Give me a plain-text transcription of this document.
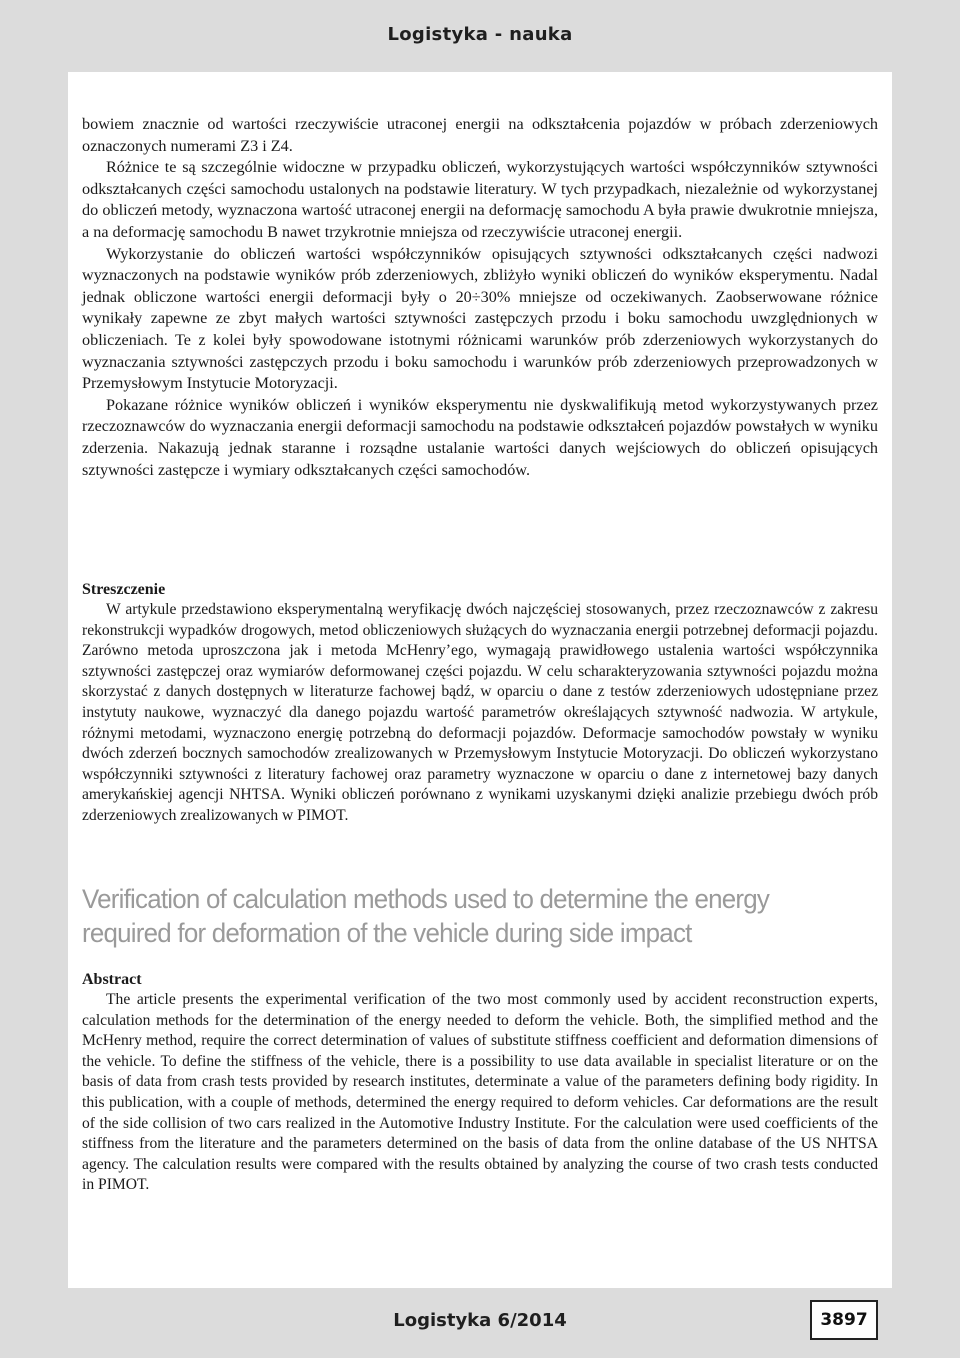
Logistyka - nauka

bowiem znacznie od wartości rzeczywiście utraconej energii na odkształcenia pojazdów w próbach zderzeniowych oznaczonych numerami Z3 i Z4.

Różnice te są szczególnie widoczne w przypadku obliczeń, wykorzystujących wartości współczynników sztywności odkształcanych części samochodu ustalonych na podstawie literatury. W tych przypadkach, niezależnie od wykorzystanej do obliczeń metody, wyznaczona wartość utraconej energii na deformację samochodu A była prawie dwukrotnie mniejsza, a na deformację samochodu B nawet trzykrotnie mniejsza od rzeczywiście utraconej energii.

Wykorzystanie do obliczeń wartości współczynników opisujących sztywności odkształcanych części nadwozi wyznaczonych na podstawie wyników prób zderzeniowych, zbliżyło wyniki obliczeń do wyników eksperymentu. Nadal jednak obliczone wartości energii deformacji były o 20÷30% mniejsze od oczekiwanych. Zaobserwowane różnice wynikały zapewne ze zbyt małych wartości sztywności zastępczych przodu i boku samochodu uwzględnionych w obliczeniach. Te z kolei były spowodowane istotnymi różnicami warunków prób zderzeniowych wykorzystanych do wyznaczania sztywności zastępczych przodu i boku samochodu i warunków prób zderzeniowych przeprowadzonych w Przemysłowym Instytucie Motoryzacji.

Pokazane różnice wyników obliczeń i wyników eksperymentu nie dyskwalifikują metod wykorzystywanych przez rzeczoznawców do wyznaczania energii deformacji samochodu na podstawie odkształceń pojazdów powstałych w wyniku zderzenia. Nakazują jednak staranne i rozsądne ustalanie wartości danych wejściowych do obliczeń opisujących sztywności zastępcze i wymiary odkształcanych części samochodów.

Streszczenie

W artykule przedstawiono eksperymentalną weryfikację dwóch najczęściej stosowanych, przez rzeczoznawców z zakresu rekonstrukcji wypadków drogowych, metod obliczeniowych służących do wyznaczania energii potrzebnej deformacji pojazdu. Zarówno metoda uproszczona jak i metoda McHenry’ego, wymagają prawidłowego ustalenia wartości współczynnika sztywności zastępczej oraz wymiarów deformowanej części pojazdu. W celu scharakteryzowania sztywności pojazdu można skorzystać z danych dostępnych w literaturze fachowej bądź, w oparciu o dane z testów zderzeniowych udostępniane przez instytuty naukowe, wyznaczyć dla danego pojazdu wartość parametrów określających sztywność nadwozia. W artykule, różnymi metodami, wyznaczono energię potrzebną do deformacji pojazdów. Deformacje samochodów powstały w wyniku dwóch zderzeń bocznych samochodów zrealizowanych w Przemysłowym Instytucie Motoryzacji. Do obliczeń wykorzystano współczynniki sztywności z literatury fachowej oraz parametry wyznaczone w oparciu o dane z internetowej bazy danych amerykańskiej agencji NHTSA. Wyniki obliczeń porównano z wynikami uzyskanymi dzięki analizie przebiegu dwóch prób zderzeniowych zrealizowanych w PIMOT.

Verification of calculation methods used to determine the energy required for deformation of the vehicle during side impact

Abstract

The article presents the experimental verification of the two most commonly used by accident reconstruction experts, calculation methods for the determination of the energy needed to deform the vehicle. Both, the simplified method and the McHenry method, require the correct determination of values of substitute stiffness coefficient and deformation dimensions of the vehicle. To define the stiffness of the vehicle, there is a possibility to use data available in specialist literature or on the basis of data from crash tests provided by research institutes, determinate a value of the parameters defining body rigidity. In this publication, with a couple of methods, determined the energy required to deform vehicles. Car deformations are the result of the side collision of two cars realized in the Automotive Industry Institute. For the calculation were used coefficients of the stiffness from the literature and the parameters determined on the basis of data from the online database of the US NHTSA agency. The calculation results were compared with the results obtained by analyzing the course of two crash tests conducted in PIMOT.

Logistyka 6/2014	3897
